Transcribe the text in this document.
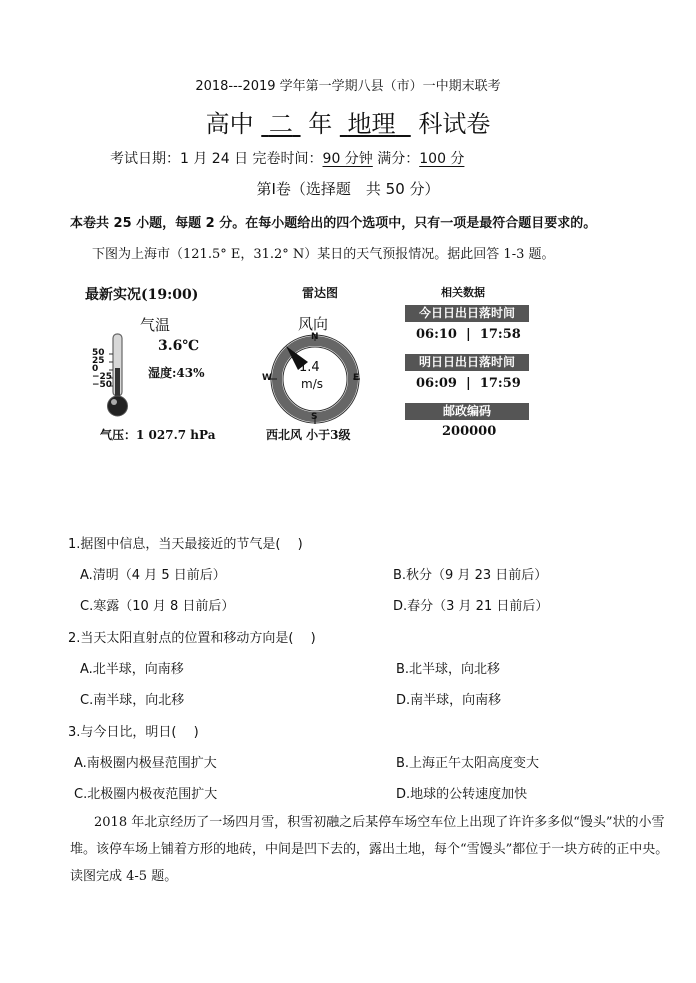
2018---2019 学年第一学期八县（市）一中期末联考
高中 二 年 地理 科试卷
考试日期：1 月 24 日 完卷时间：90 分钟 满分：100 分
第Ⅰ卷（选择题　共 50 分）
本卷共 25 小题，每题 2 分。在每小题给出的四个选项中，只有一项是最符合题目要求的。
下图为上海市（121.5° E，31.2° N）某日的天气预报情况。据此回答 1-3 题。
最新实况(19:00)
气温
3.6℃
湿度:43%
气压：1 027.7 hPa
50
25
0
−25
−50
雷达图
风向
N
S
W	E
1.4
m/s
西北风 小于3级
相关数据
今日日出日落时间
06:10  |  17:58
明日日出日落时间
06:09  |  17:59
邮政编码
200000
1.据图中信息，当天最接近的节气是(　 )
A.清明（4 月 5 日前后）	B.秋分（9 月 23 日前后）
C.寒露（10 月 8 日前后）	D.春分（3 月 21 日前后）
2.当天太阳直射点的位置和移动方向是(　 )
A.北半球，向南移	B.北半球，向北移
C.南半球，向北移	D.南半球，向南移
3.与今日比，明日(　 )
A.南极圈内极昼范围扩大	B.上海正午太阳高度变大
C.北极圈内极夜范围扩大	D.地球的公转速度加快
2018 年北京经历了一场四月雪，积雪初融之后某停车场空车位上出现了许许多多似“馒头”状的小雪堆。该停车场上铺着方形的地砖，中间是凹下去的，露出土地，每个“雪馒头”都位于一块方砖的正中央。读图完成 4-5 题。
